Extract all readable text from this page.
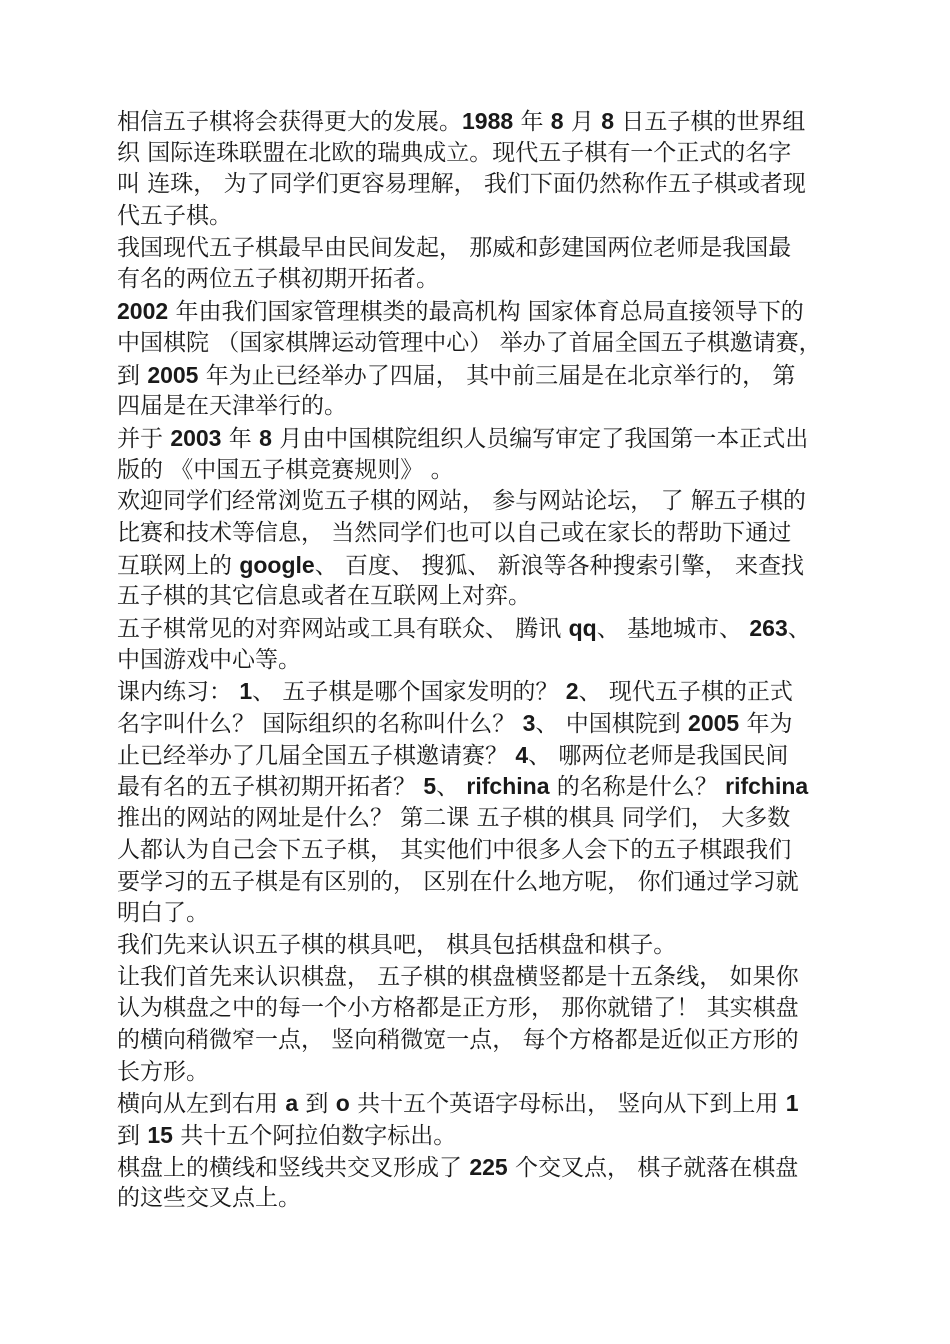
相信五子棋将会获得更大的发展。1988 年 8 月 8 日五子棋的世界组
织 国际连珠联盟在北欧的瑞典成立。现代五子棋有一个正式的名字
叫 连珠， 为了同学们更容易理解， 我们下面仍然称作五子棋或者现
代五子棋。
我国现代五子棋最早由民间发起， 那威和彭建国两位老师是我国最
有名的两位五子棋初期开拓者。
2002 年由我们国家管理棋类的最高机构 国家体育总局直接领导下的
中国棋院 （国家棋牌运动管理中心） 举办了首届全国五子棋邀请赛，
到 2005 年为止已经举办了四届， 其中前三届是在北京举行的， 第
四届是在天津举行的。
并于 2003 年 8 月由中国棋院组织人员编写审定了我国第一本正式出
版的 《中国五子棋竞赛规则》 。
欢迎同学们经常浏览五子棋的网站， 参与网站论坛， 了 解五子棋的
比赛和技术等信息， 当然同学们也可以自己或在家长的帮助下通过
互联网上的 google、 百度、 搜狐、 新浪等各种搜索引擎， 来查找
五子棋的其它信息或者在互联网上对弈。
五子棋常见的对弈网站或工具有联众、 腾讯 qq、 基地城市、 263、
中国游戏中心等。
课内练习： 1、 五子棋是哪个国家发明的？ 2、 现代五子棋的正式
名字叫什么？ 国际组织的名称叫什么？ 3、 中国棋院到 2005 年为
止已经举办了几届全国五子棋邀请赛？ 4、 哪两位老师是我国民间
最有名的五子棋初期开拓者？ 5、 rifchina 的名称是什么？ rifchina
推出的网站的网址是什么？ 第二课 五子棋的棋具 同学们， 大多数
人都认为自己会下五子棋， 其实他们中很多人会下的五子棋跟我们
要学习的五子棋是有区别的， 区别在什么地方呢， 你们通过学习就
明白了。
我们先来认识五子棋的棋具吧， 棋具包括棋盘和棋子。
让我们首先来认识棋盘， 五子棋的棋盘横竖都是十五条线， 如果你
认为棋盘之中的每一个小方格都是正方形， 那你就错了！ 其实棋盘
的横向稍微窄一点， 竖向稍微宽一点， 每个方格都是近似正方形的
长方形。
横向从左到右用 a 到 o 共十五个英语字母标出， 竖向从下到上用 1
到 15 共十五个阿拉伯数字标出。
棋盘上的横线和竖线共交叉形成了 225 个交叉点， 棋子就落在棋盘
的这些交叉点上。
